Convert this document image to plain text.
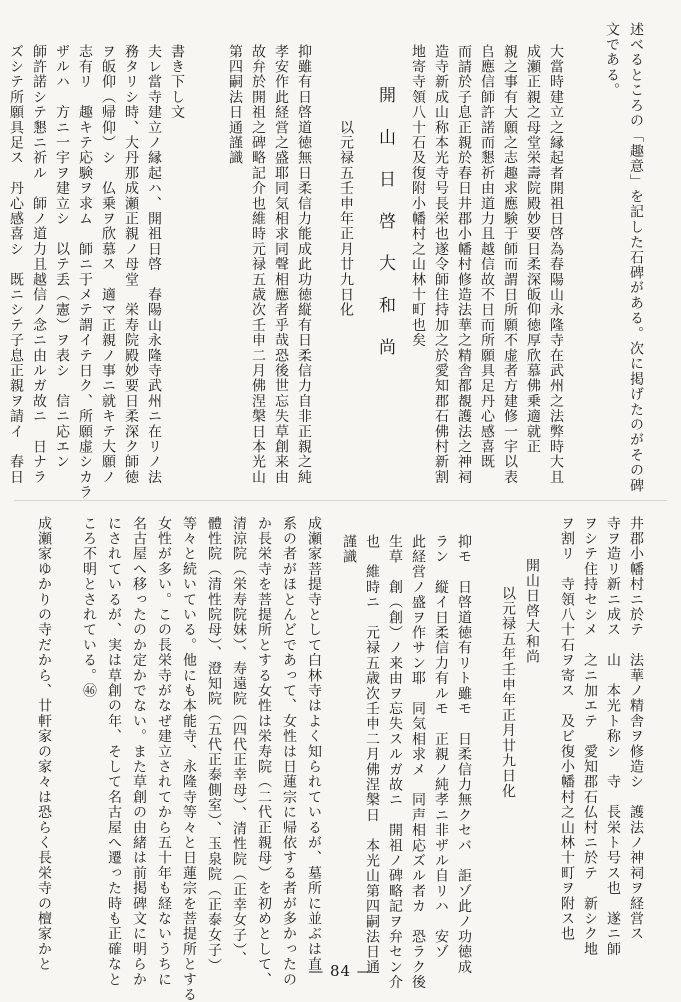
述べるところの「趣意」を記した石碑がある。次に掲げたのがその碑
文である。
大當時建立之縁起者開祖日啓為春陽山永隆寺在武州之法弊時大且
成瀬正親之母堂栄壽院殿妙要日柔深皈仰徳厚欣慕佛乗適就正
親之事有大願之志趣求應験于師而謂日所願不虚者方建修一宇以表
𠂤應信師許諾而懇祈由道力且越信故不日而所願具足丹心感喜既
而請於子息正親於春日井郡小幡村修造法華之精舎都覩護法之神祠
造寺新成山称本光寺号長栄也遂令師住持加之於愛知郡石佛村新割
地寄寺領八十石及復附小幡村之山林十町也矣
開　山　日　啓　大　和　尚
以元禄五壬申年正月廿九日化
抑雖有日啓道徳無日柔信力能成此功徳縦有日柔信力自非正親之純
孝安作此経営之盛耶同気相求同聲相應者乎哉恐後世忘失草創来由
故弁於開祖之碑略記介也維時元禄五歳次壬申二月佛涅槃日本光山
第四嗣法日通謹識
書き下し文
夫レ當寺建立ノ縁起ハ、開祖日啓　春陽山永隆寺武州ニ在リノ法
務タリシ時、大丹那成瀬正親ノ母堂　栄寿院殿妙要日柔深ク師徳
ヲ皈仰（帰仰）シ　仏乗ヲ欣慕ス　適マ正親ノ事ニ就キテ大願ノ
志有リ　趣キテ応験ヲ求ム　師ニ于メテ謂イテ日ク、所願虚シカラ
ザルハ　方ニ一宇ヲ建立シ　以テ丢（憲）ヲ表シ　信ニ応エン
師許諾シテ懇ニ祈ル　師ノ道力且越信ノ念ニ由ルガ故ニ　日ナラ
ズシテ所願具足ス　丹心感喜シ　既ニシテ子息正親ヲ請イ　春日
井郡小幡村ニ於テ　法華ノ精舎ヲ修造シ　護法ノ神祠ヲ経営ス
寺ヲ造リ新ニ成ス　山　本光ト称シ　寺　長栄ト号ス也　遂ニ師
ヲシテ住持セシメ　之ニ加エテ　愛知郡石仏村ニ於テ　新シク地
ヲ割リ　寺領八十石ヲ寄ス　及ビ復小幡村之山林十町ヲ附ス也
開山日啓大和尚
以元禄五年壬申年正月廿九日化
抑モ　日啓道徳有リト雖モ　日柔信力無クセバ　詎ゾ此ノ功徳成
ラン　縦イ日柔信力有ルモ　正親ノ純孝ニ非ザル自リハ　安ゾ
此経営ノ盛ヲ作サン耶　同気相求メ　同声相応ズル者カ　恐ラク後
生草　創（創）ノ来由ヲ忘失スルガ故ニ　開祖ノ碑略記ヲ弁セン介
也　維時ニ　元禄五歳次壬申二月佛涅槃日　本光山第四嗣法日通
謹識
成瀬家菩提寺として白林寺はよく知られているが、墓所に並ぶは直
系の者がほとんどであって、女性は日蓮宗に帰依する者が多かったの
か長栄寺を菩提所とする女性は栄寿院（二代正親母）を初めとして、
清涼院（栄寿院妹）、寿遠院（四代正幸母）、清性院（正幸女子）、
體性院（清性院母）、澄知院（五代正泰側室）、玉泉院（正泰女子）
等々と続いている。他にも本能寺、永隆寺等々と日蓮宗を菩提所とする
女性が多い。この長栄寺がなぜ建立されてから五十年も経ないうちに
名古屋へ移ったのか定かでない。また草創の由緒は前掲碑文に明らか
にされているが、実は草創の年、そして名古屋へ遷った時も正確なと
ころ不明とされている。㊻
成瀬家ゆかりの寺だから、廿軒家の家々は恐らく長栄寺の檀家かと	— 84 —
